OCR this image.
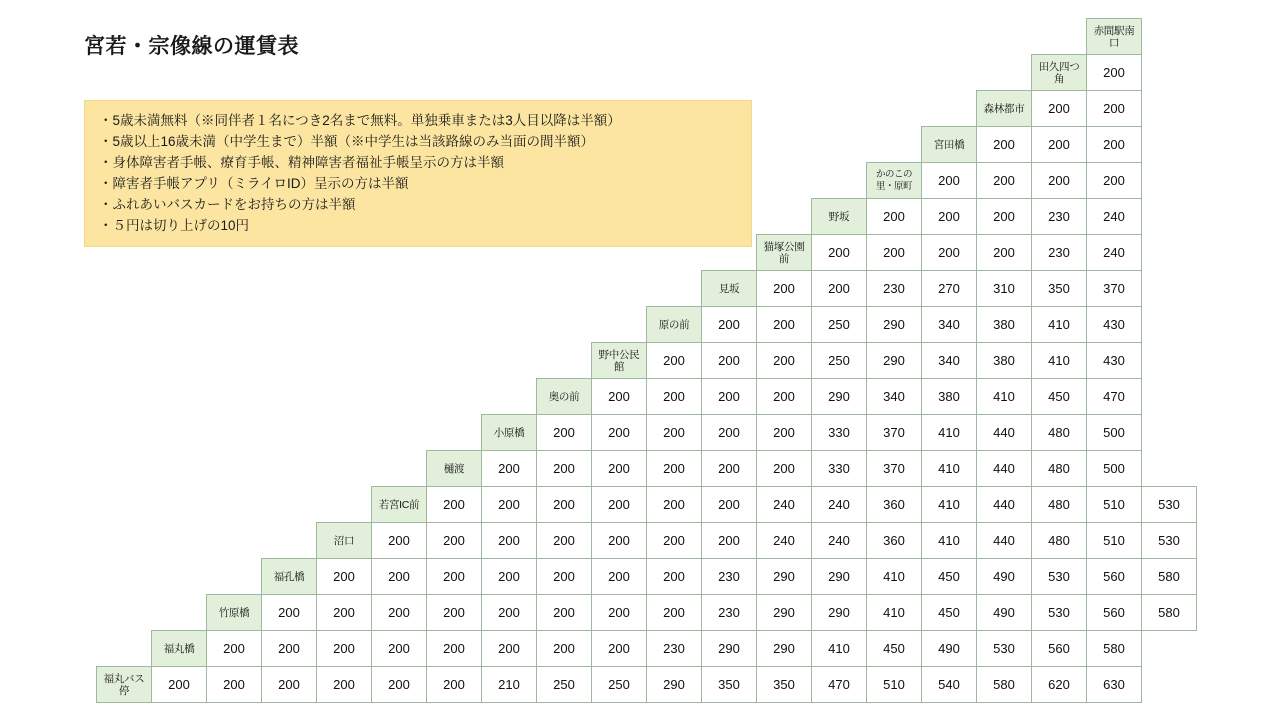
宮若・宗像線の運賃表
・5歳未満無料（※同伴者１名につき2名まで無料。単独乗車または3人目以降は半額）
・5歳以上16歳未満（中学生まで）半額（※中学生は当該路線のみ当面の間半額）
・身体障害者手帳、療育手帳、精神障害者福祉手帳呈示の方は半額
・障害者手帳アプリ（ミライロID）呈示の方は半額
・ふれあいバスカードをお持ちの方は半額
・５円は切り上げの10円
																		赤間駅南口	
																	田久四つ角	200	
																森林都市	200	200	
															宮田橋	200	200	200	
														かのこの里・原町	200	200	200	200	
													野坂	200	200	200	230	240	
												猫塚公園前	200	200	200	200	230	240	
											見坂	200	200	230	270	310	350	370	
										原の前	200	200	250	290	340	380	410	430	
									野中公民館	200	200	200	250	290	340	380	410	430	
								奥の前	200	200	200	200	290	340	380	410	450	470	
							小原橋	200	200	200	200	200	330	370	410	440	480	500	
						樋渡	200	200	200	200	200	200	330	370	410	440	480	500	
					若宮IC前	200	200	200	200	200	200	240	240	360	410	440	480	510	530
				沼口	200	200	200	200	200	200	200	240	240	360	410	440	480	510	530
			福孔橋	200	200	200	200	200	200	200	230	290	290	410	450	490	530	560	580
		竹原橋	200	200	200	200	200	200	200	200	230	290	290	410	450	490	530	560	580
	福丸橋	200	200	200	200	200	200	200	200	230	290	290	410	450	490	530	560	580	
福丸バス停	200	200	200	200	200	200	210	250	250	290	350	350	470	510	540	580	620	630	
